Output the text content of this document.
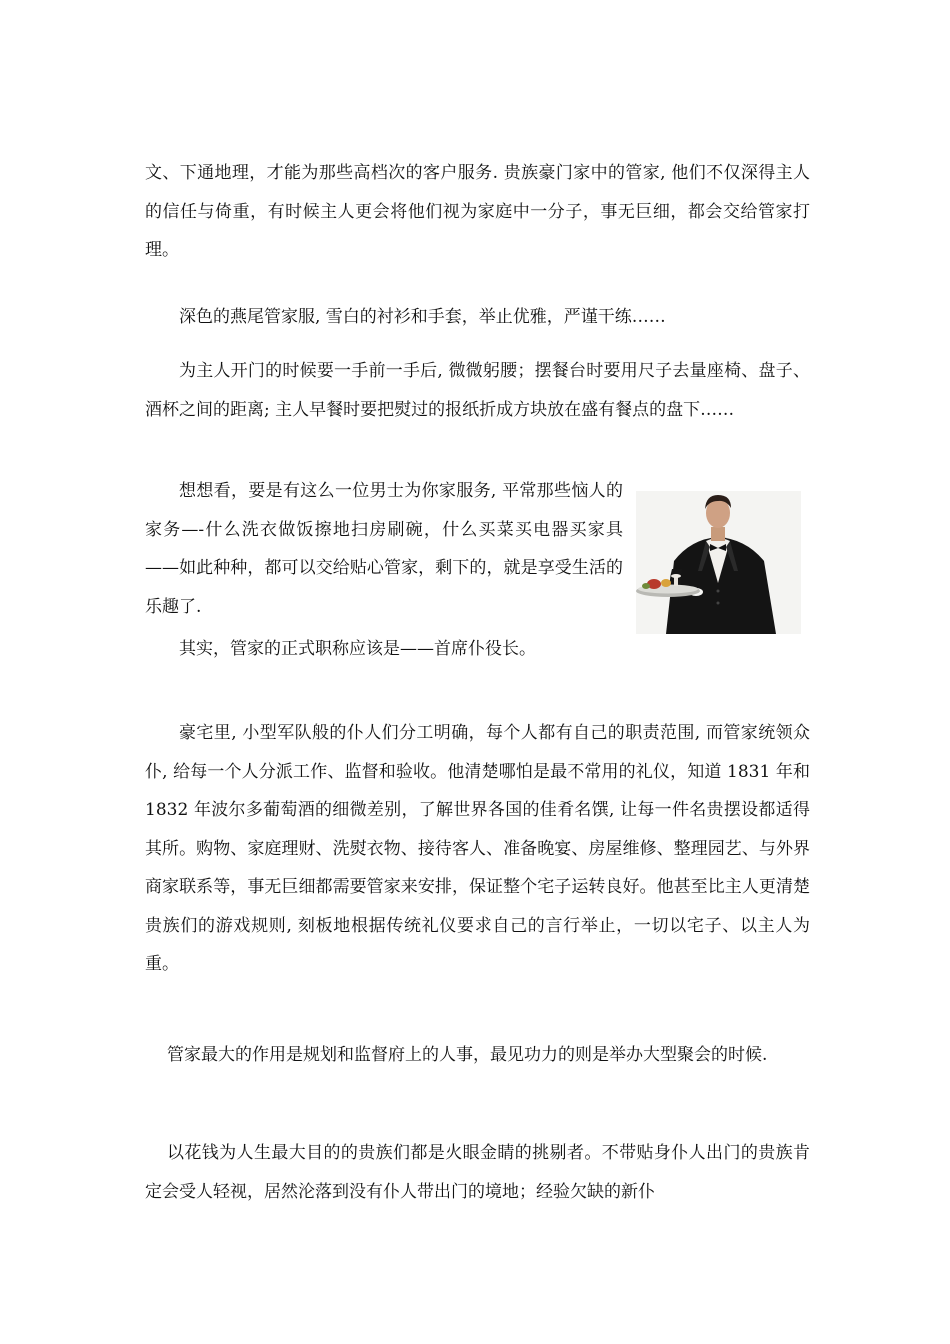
文、下通地理，才能为那些高档次的客户服务. 贵族豪门家中的管家, 他们不仅深得主人的信任与倚重，有时候主人更会将他们视为家庭中一分子，事无巨细，都会交给管家打理。

深色的燕尾管家服, 雪白的衬衫和手套，举止优雅，严谨干练……

为主人开门的时候要一手前一手后, 微微躬腰；摆餐台时要用尺子去量座椅、盘子、酒杯之间的距离; 主人早餐时要把熨过的报纸折成方块放在盛有餐点的盘下……

想想看，要是有这么一位男士为你家服务, 平常那些恼人的家务—-什么洗衣做饭擦地扫房刷碗，什么买菜买电器买家具——如此种种，都可以交给贴心管家，剩下的，就是享受生活的乐趣了.

其实，管家的正式职称应该是——首席仆役长。

豪宅里, 小型军队般的仆人们分工明确，每个人都有自己的职责范围, 而管家统领众仆, 给每一个人分派工作、监督和验收。他清楚哪怕是最不常用的礼仪，知道 1831 年和 1832 年波尔多葡萄酒的细微差别，了解世界各国的佳肴名馔, 让每一件名贵摆设都适得其所。购物、家庭理财、洗熨衣物、接待客人、准备晚宴、房屋维修、整理园艺、与外界商家联系等，事无巨细都需要管家来安排，保证整个宅子运转良好。他甚至比主人更清楚贵族们的游戏规则, 刻板地根据传统礼仪要求自己的言行举止，一切以宅子、以主人为重。

管家最大的作用是规划和监督府上的人事，最见功力的则是举办大型聚会的时候.

以花钱为人生最大目的的贵族们都是火眼金睛的挑剔者。不带贴身仆人出门的贵族肯定会受人轻视，居然沦落到没有仆人带出门的境地；经验欠缺的新仆
